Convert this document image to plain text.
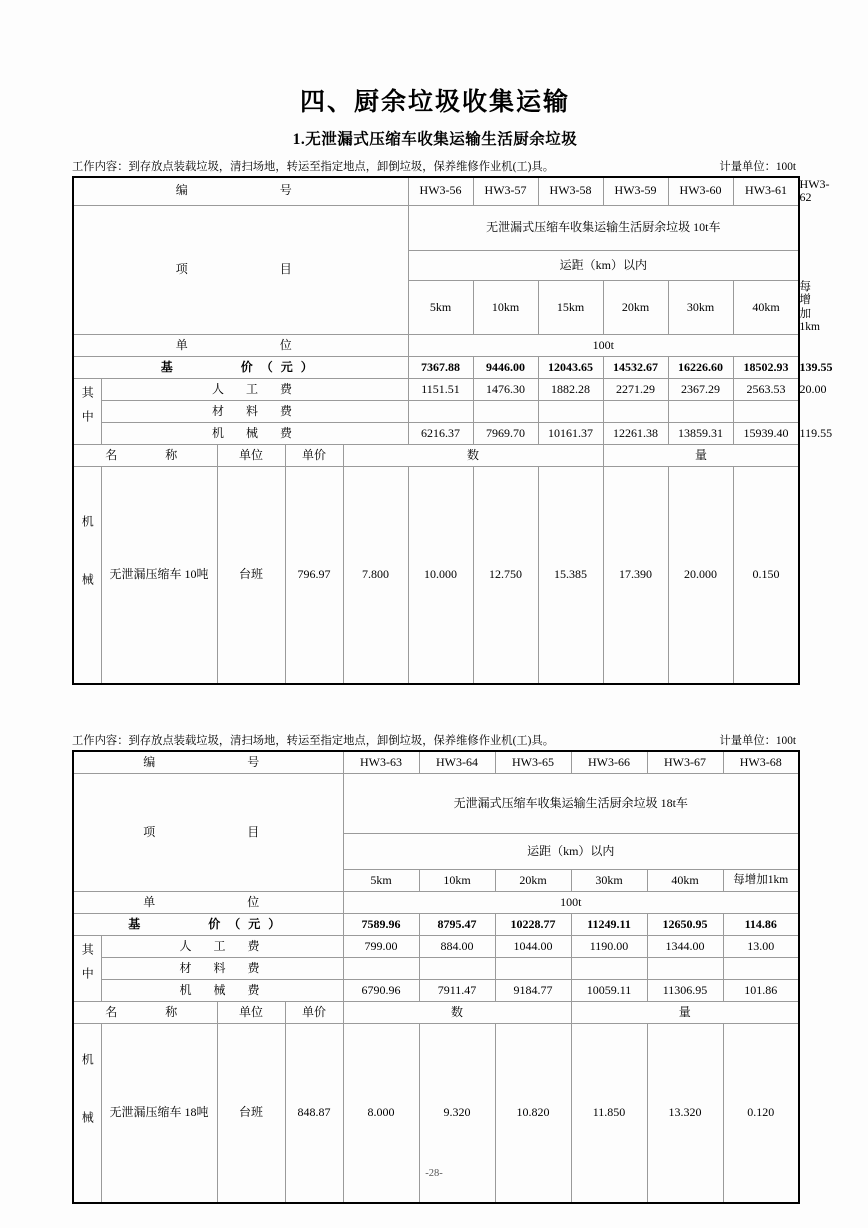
四、厨余垃圾收集运输
1.无泄漏式压缩车收集运输生活厨余垃圾
工作内容：到存放点装载垃圾，清扫场地，转运至指定地点，卸倒垃圾，保养维修作业机(工)具。	计量单位：100t
编　　　号					HW3-56	HW3-57	HW3-58	HW3-59	HW3-60	HW3-61	HW3-62
项　　　目					无泄漏式压缩车收集运输生活厨余垃圾 10t车						
					运距（km）以内						
					5km	10km	15km	20km	30km	40km	每增加1km
单　　　位					100t						
基　　　价（元）					7367.88	9446.00	12043.65	14532.67	16226.60	18502.93	139.55
其中	人　工　费				1151.51	1476.30	1882.28	2271.29	2367.29	2563.53	20.00
	材　料　费										
	机　械　费				6216.37	7969.70	10161.37	12261.38	13859.31	15939.40	119.55
名　　称		单位	单价	数				量			
机械	无泄漏压缩车 10吨	台班	796.97	7.800	10.000	12.750	15.385	17.390	20.000	0.150	
工作内容：到存放点装载垃圾，清扫场地，转运至指定地点，卸倒垃圾，保养维修作业机(工)具。	计量单位：100t
编　　　号				HW3-63	HW3-64	HW3-65	HW3-66	HW3-67	HW3-68
项　　　目				无泄漏式压缩车收集运输生活厨余垃圾 18t车					
				运距（km）以内					
				5km	10km	20km	30km	40km	每增加1km
单　　　位				100t					
基　　　价（元）				7589.96	8795.47	10228.77	11249.11	12650.95	114.86
其中	人　工　费			799.00	884.00	1044.00	1190.00	1344.00	13.00
	材　料　费								
	机　械　费			6790.96	7911.47	9184.77	10059.11	11306.95	101.86
名　　称		单位	单价	数			量		
机械	无泄漏压缩车 18吨	台班	848.87	8.000	9.320	10.820	11.850	13.320	0.120
-28-
